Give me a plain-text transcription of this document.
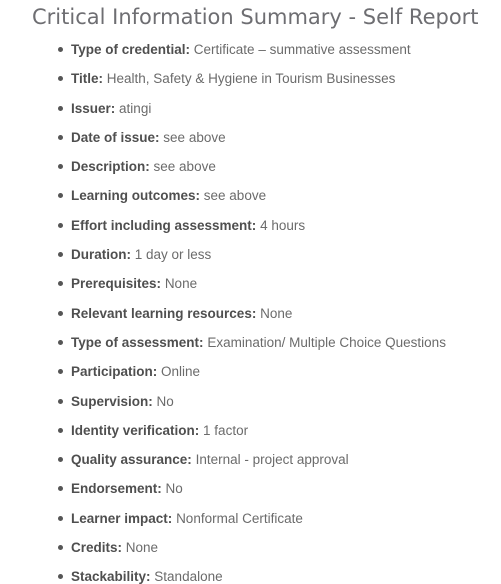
Critical Information Summary - Self Report
Type of credential: Certificate – summative assessment
Title: Health, Safety & Hygiene in Tourism Businesses
Issuer: atingi
Date of issue: see above
Description: see above
Learning outcomes: see above
Effort including assessment: 4 hours
Duration: 1 day or less
Prerequisites: None
Relevant learning resources: None
Type of assessment: Examination/ Multiple Choice Questions
Participation: Online
Supervision: No
Identity verification: 1 factor
Quality assurance: Internal - project approval
Endorsement: No
Learner impact: Nonformal Certificate
Credits: None
Stackability: Standalone
